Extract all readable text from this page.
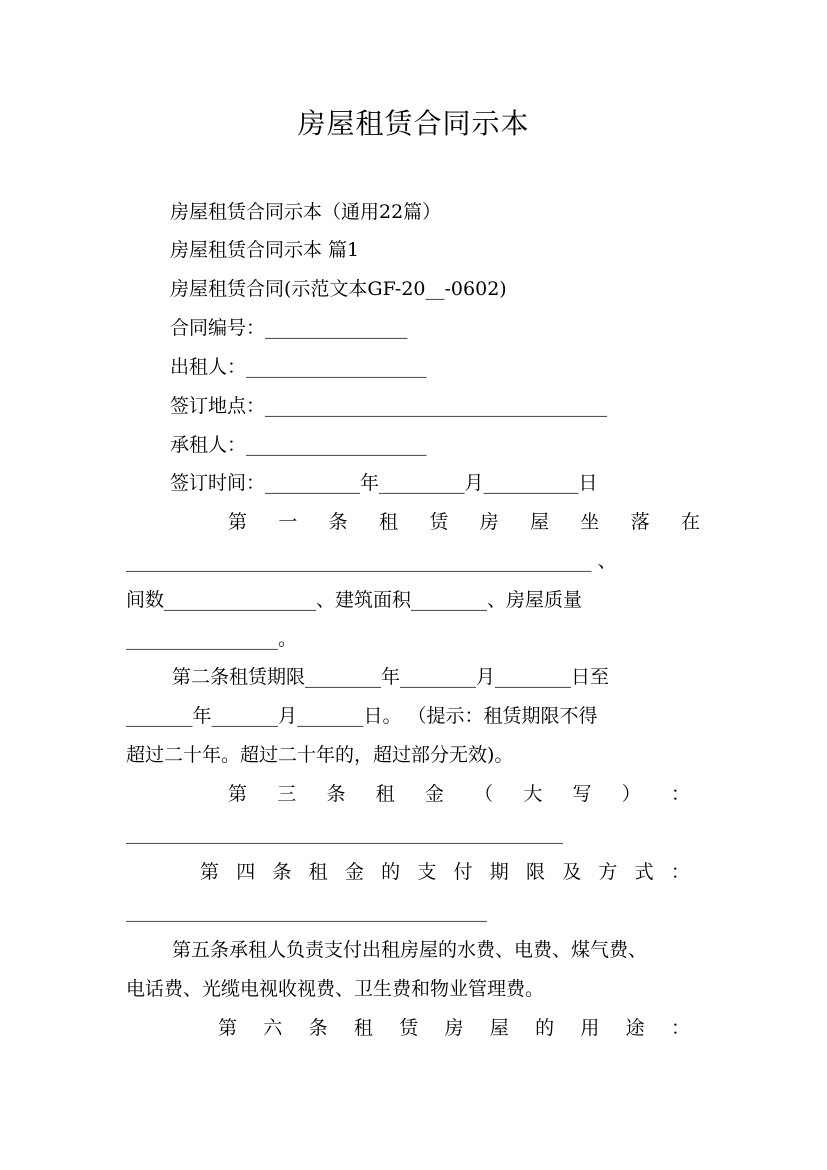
房屋租赁合同示本
房屋租赁合同示本（通用22篇）
房屋租赁合同示本 篇1
房屋租赁合同(示范文本GF-20__-0602)
合同编号：_______________
出租人：___________________
签订地点：____________________________________
承租人：___________________
签订时间：__________年_________月__________日
第 一 条 租 赁 房 屋 坐 落 在
_________________________________________________ 、
间数________________、建筑面积________、房屋质量
________________。
第二条租赁期限________年________月________日至
_______年_______月_______日。 （提示：租赁期限不得
超过二十年。超过二十年的，超过部分无效)。
第 三 条 租 金 （ 大 写 ） ：
______________________________________________
第 四 条 租 金 的 支 付 期 限 及 方 式 ：
______________________________________
第五条承租人负责支付出租房屋的水费、电费、煤气费、
电话费、光缆电视收视费、卫生费和物业管理费。
第 六 条 租 赁 房 屋 的 用 途 ：
